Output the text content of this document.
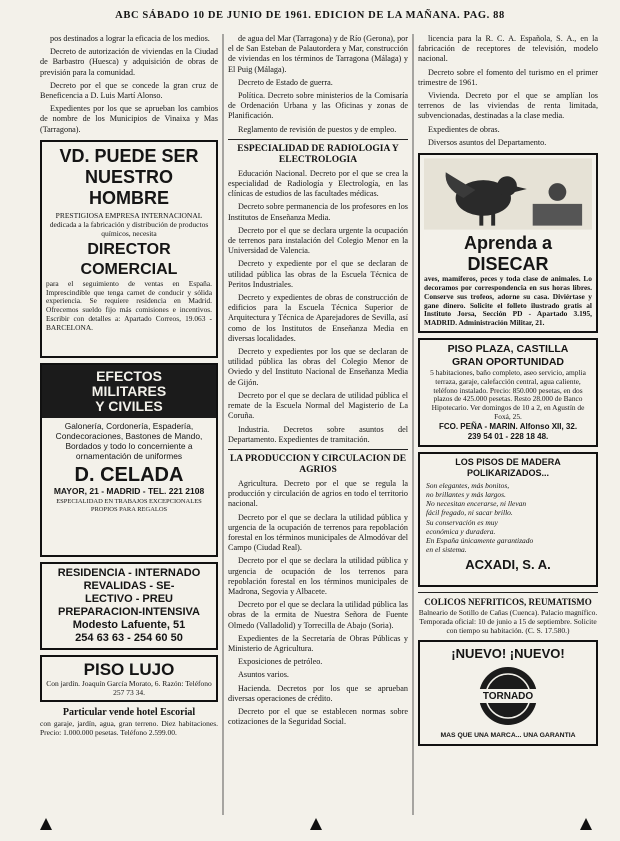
ABC SÁBADO 10 DE JUNIO DE 1961. EDICION DE LA MAÑANA. PAG. 88

pos destinados a lograr la eficacia de los medios.

Decreto de autorización de viviendas en la Ciudad de Barbastro (Huesca) y adquisición de obras de previsión para la comunidad.

Decreto por el que se concede la gran cruz de Beneficencia a D. Luis Martí Alonso.

Expedientes por los que se aprueban los cambios de nombre de los Municipios de Vinaixa y Mas (Tarragona).

VD. PUEDE SER
NUESTRO HOMBRE
PRESTIGIOSA EMPRESA INTERNACIONAL dedicada a la fabricación y distribución de productos químicos, necesita
DIRECTOR COMERCIAL
para el seguimiento de ventas en España. Imprescindible que tenga carnet de conducir y sólida experiencia. Se requiere residencia en Madrid. Ofrecemos sueldo fijo más comisiones e incentivos. Escribir con detalles a: Apartado Correos, 19.063 - BARCELONA.
EFECTOS
MILITARES
Y CIVILES
Galonería, Cordonería, Espadería, Condecoraciones, Bastones de Mando, Bordados y todo lo concerniente a ornamentación de uniformes
D. CELADA
MAYOR, 21 - MADRID - TEL. 221 2108
ESPECIALIDAD EN TRABAJOS EXCEPCIONALES PROPIOS PARA REGALOS
RESIDENCIA - INTERNADO
REVALIDAS - SE-
LECTIVO - PREU
PREPARACION-INTENSIVA
Modesto Lafuente, 51
254 63 63 - 254 60 50
PISO LUJO
Con jardín. Joaquín García Morato, 6. Razón: Teléfono 257 73 34.
Particular vende hotel Escorial
con garaje, jardín, agua, gran terreno. Diez habitaciones. Precio: 1.000.000 pesetas. Teléfono 2.599.00.

de agua del Mar (Tarragona) y de Río (Gerona), por el de San Esteban de Palautordera y Mar, construcción de viviendas en los términos de Tarragona (Málaga) y El Puig (Málaga).

Decreto de Estado de guerra.

Política. Decreto sobre ministerios de la Comisaría de Ordenación Urbana y las Oficinas y zonas de Planificación.

Reglamento de revisión de puestos y de empleo.

ESPECIALIDAD DE RADIOLOGIA Y ELECTROLOGIA

Educación Nacional. Decreto por el que se crea la especialidad de Radiología y Electrología, en las clínicas de estudios de las facultades médicas.

Decreto sobre permanencia de los profesores en los Institutos de Enseñanza Media.

Decreto por el que se declara urgente la ocupación de terrenos para instalación del Colegio Menor en la Universidad de Valencia.

Decreto y expediente por el que se declaran de utilidad pública las obras de la Escuela Técnica de Peritos Industriales.

Decreto y expedientes de obras de construcción de edificios para la Escuela Técnica Superior de Arquitectura y Técnica de Aparejadores de Sevilla, así como de los Institutos de Enseñanza Media en diversas localidades.

Decreto y expedientes por los que se declaran de utilidad pública las obras del Colegio Menor de Oviedo y del Instituto Nacional de Enseñanza Media de Gijón.

Decreto por el que se declara de utilidad pública el remate de la Escuela Normal del Magisterio de La Coruña.

Industria. Decretos sobre asuntos del Departamento. Expedientes de tramitación.

LA PRODUCCION Y CIRCULACION DE AGRIOS

Agricultura. Decreto por el que se regula la producción y circulación de agrios en todo el territorio nacional.

Decreto por el que se declara la utilidad pública y urgencia de la ocupación de terrenos para repoblación forestal en los términos municipales de Almodóvar del Campo (Ciudad Real).

Decreto por el que se declara la utilidad pública y urgencia de ocupación de los terrenos para repoblación forestal en los términos municipales de Madrona, Segovia y Albacete.

Decreto por el que se declara la utilidad pública las obras de la ermita de Nuestra Señora de Fuente Olmedo (Valladolid) y Torrecilla de Abajo (Soria).

Expedientes de la Secretaría de Obras Públicas y Ministerio de Agricultura.

Exposiciones de petróleo.

Asuntos varios.

Hacienda. Decretos por los que se aprueban diversas operaciones de crédito.

Decreto por el que se establecen normas sobre cotizaciones de la Seguridad Social.

licencia para la R. C. A. Española, S. A., en la fabricación de receptores de televisión, modelo nacional.

Decreto sobre el fomento del turismo en el primer trimestre de 1961.

Vivienda. Decreto por el que se amplían los terrenos de las viviendas de renta limitada, subvencionadas, destinadas a la clase media.

Expedientes de obras.

Diversos asuntos del Departamento.

Aprenda a DISECAR
aves, mamíferos, peces y toda clase de animales. Lo decoramos por correspondencia en sus horas libres. Conserve sus trofeos, adorne su casa. Diviértase y gane dinero. Solicite el folleto ilustrado gratis al Instituto Jorsa, Sección PD - Apartado 3.195, MADRID. Administración Militar, 21.
PISO PLAZA, CASTILLA
GRAN OPORTUNIDAD
5 habitaciones, baño completo, aseo servicio, amplia terraza, garaje, calefacción central, agua caliente, teléfono instalado. Precio: 850.000 pesetas, en dos plazos de 425.000 pesetas. Resto 28.000 de Banco Hipotecario. Ver domingos de 10 a 2, en Agustín de Foxá, 25.
FCO. PEÑA - MARIN. Alfonso XII, 32.
239 54 01 - 228 18 48.
LOS PISOS DE MADERA POLIKARIZADOS...
Son elegantes, más bonitos,
no brillantes y más largos.
No necesitan encerarse, ni llevan
fácil fregado, ni sacar brillo.
Su conservación es muy
económica y duradera.
En España únicamente garantizado
en el sistema.
ACXADI, S. A.
COLICOS NEFRITICOS, REUMATISMO
Balneario de Sotillo de Cañas (Cuenca). Palacio magnífico. Temporada oficial: 10 de junio a 15 de septiembre. Solicite con tiempo su habitación. (C. S. 17.580.)
¡NUEVO! ¡NUEVO!
TORNADO
MAS QUE UNA MARCA... UNA GARANTIA
